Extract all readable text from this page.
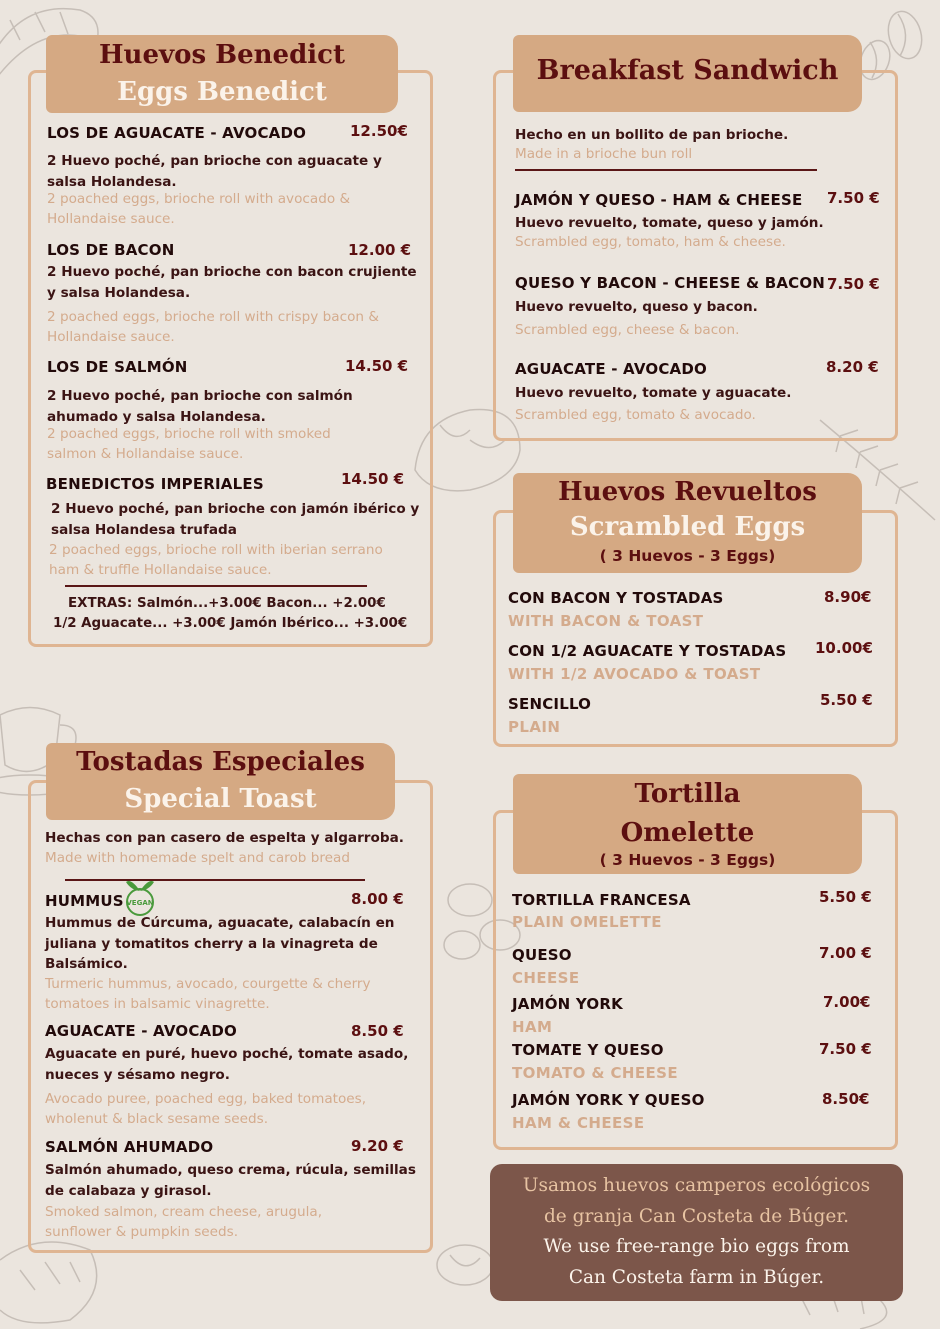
Huevos Benedict
Eggs Benedict
LOS DE AGUACATE - AVOCADO	12.50€
2 Huevo poché, pan brioche con aguacate y
salsa Holandesa.
2 poached eggs, brioche roll with avocado &
Hollandaise sauce.
LOS DE BACON	12.00 €
2 Huevo poché, pan brioche con bacon crujiente
y salsa Holandesa.
2 poached eggs, brioche roll with crispy bacon &
Hollandaise sauce.
LOS DE SALMÓN	14.50 €
2 Huevo poché, pan brioche con salmón
ahumado y salsa Holandesa.
2 poached eggs, brioche roll with smoked
salmon & Hollandaise sauce.
BENEDICTOS IMPERIALES	14.50 €
2 Huevo poché, pan brioche con jamón ibérico y
salsa Holandesa trufada
2 poached eggs, brioche roll with iberian serrano
ham & truffle Hollandaise sauce.
EXTRAS: Salmón...+3.00€ Bacon... +2.00€
1/2 Aguacate... +3.00€ Jamón Ibérico... +3.00€
Breakfast Sandwich
Hecho en un bollito de pan brioche.
Made in a brioche bun roll
JAMÓN Y QUESO - HAM & CHEESE 7.50 €
Huevo revuelto, tomate, queso y jamón.
Scrambled egg, tomato, ham & cheese.
QUESO Y BACON - CHEESE & BACON 7.50 €
Huevo revuelto, queso y bacon.
Scrambled egg, cheese & bacon.
AGUACATE - AVOCADO	8.20 €
Huevo revuelto, tomate y aguacate.
Scrambled egg, tomato & avocado.
Huevos Revueltos
Scrambled Eggs
( 3 Huevos - 3 Eggs)
CON BACON Y TOSTADAS	8.90€
WITH BACON & TOAST
CON 1/2 AGUACATE Y TOSTADAS 10.00€
WITH 1/2 AVOCADO & TOAST
SENCILLO	5.50 €
PLAIN
Tostadas Especiales
Special Toast
Hechas con pan casero de espelta y algarroba.
Made with homemade spelt and carob bread
HUMMUS VEGAN	8.00 €
Hummus de Cúrcuma, aguacate, calabacín en
juliana y tomatitos cherry a la vinagreta de
Balsámico.
Turmeric hummus, avocado, courgette & cherry
tomatoes in balsamic vinagrette.
AGUACATE - AVOCADO	8.50 €
Aguacate en puré, huevo poché, tomate asado,
nueces y sésamo negro.
Avocado puree, poached egg, baked tomatoes,
wholenut & black sesame seeds.
SALMÓN AHUMADO	9.20 €
Salmón ahumado, queso crema, rúcula, semillas
de calabaza y girasol.
Smoked salmon, cream cheese, arugula,
sunflower & pumpkin seeds.
Tortilla
Omelette
( 3 Huevos - 3 Eggs)
TORTILLA FRANCESA	5.50 €
PLAIN OMELETTE
QUESO	7.00 €
CHEESE
JAMÓN YORK	7.00€
HAM
TOMATE Y QUESO	7.50 €
TOMATO & CHEESE
JAMÓN YORK Y QUESO	8.50€
HAM & CHEESE
Usamos huevos camperos ecológicos
de granja Can Costeta de Búger.
We use free-range bio eggs from
Can Costeta farm in Búger.
